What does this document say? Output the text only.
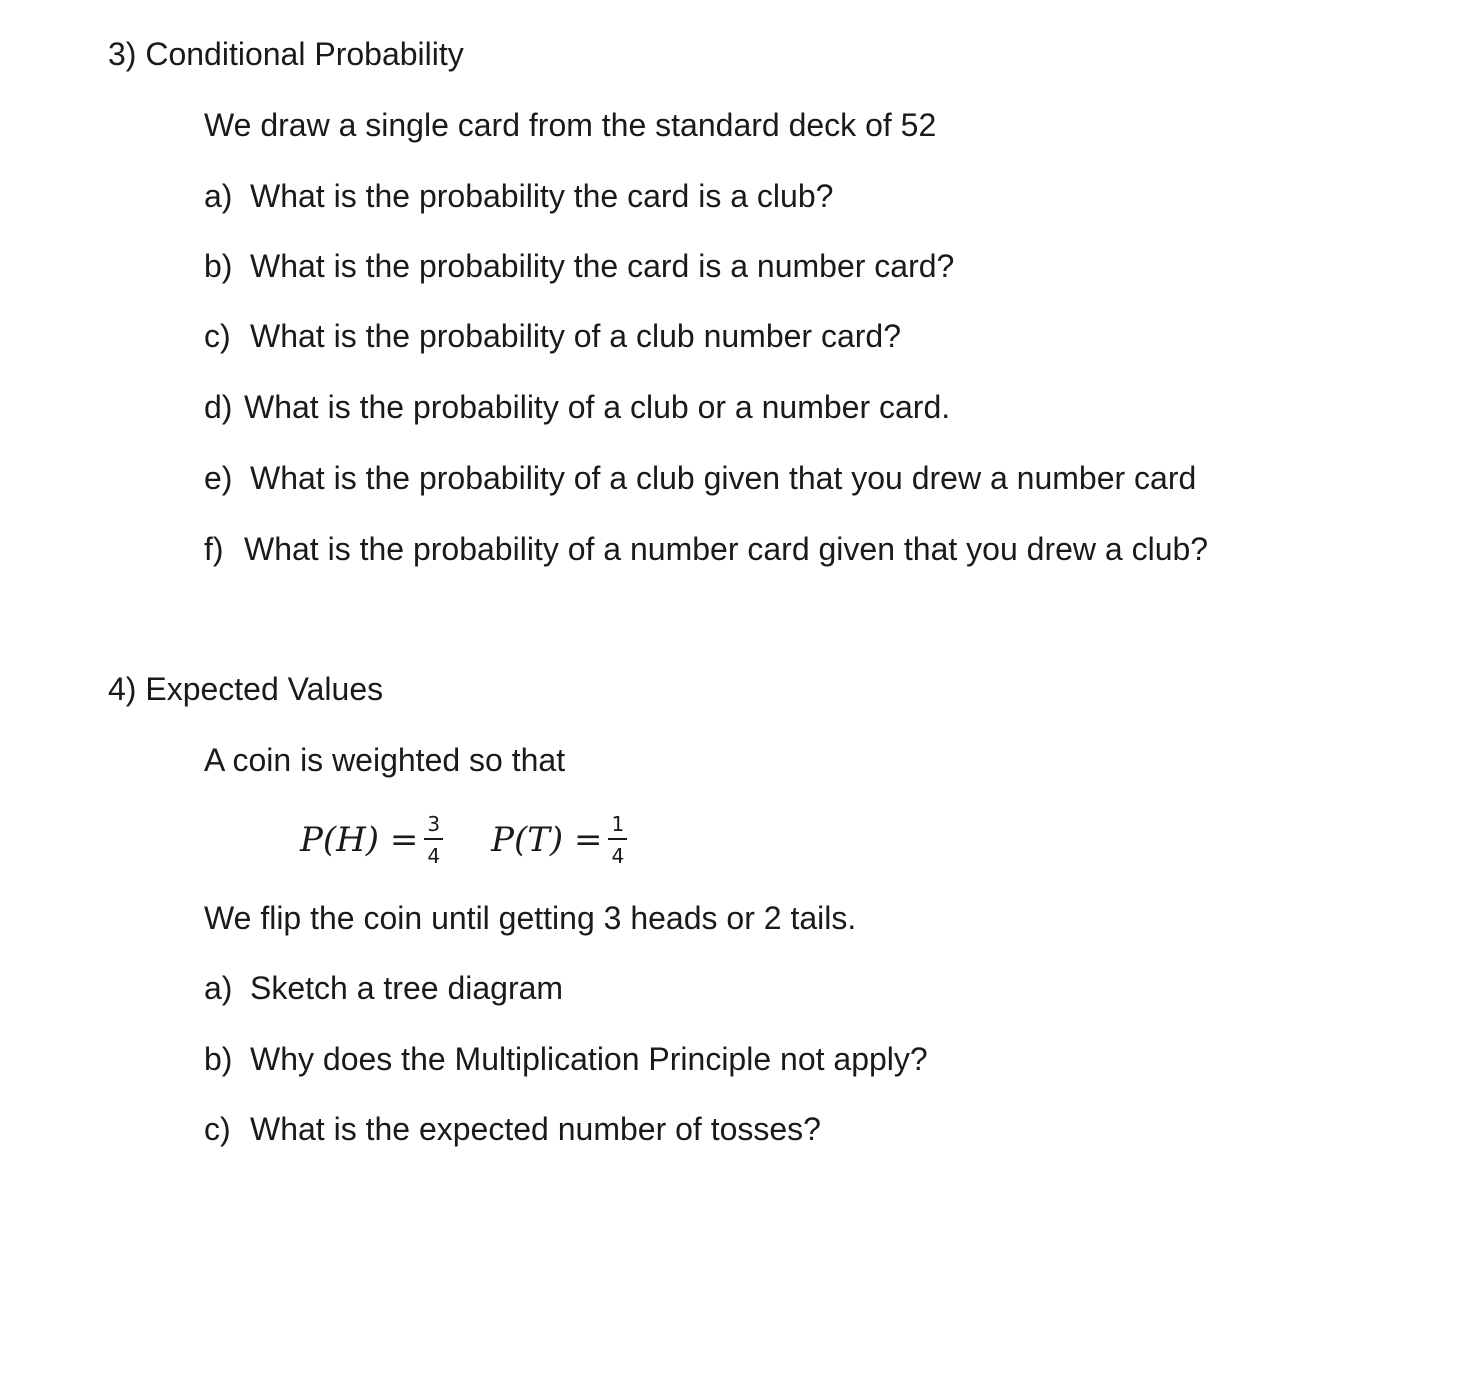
3) Conditional Probability
We draw a single card from the standard deck of 52
a) What is the probability the card is a club?
b) What is the probability the card is a number card?
c) What is the probability of a club number card?
d) What is the probability of a club or a number card.
e) What is the probability of a club given that you drew a number card
f) What is the probability of a number card given that you drew a club?
4) Expected Values
A coin is weighted so that
$P(H) = \frac{3}{4} P(T) = \frac{1}{4}$
We flip the coin until getting 3 heads or 2 tails.
a) Sketch a tree diagram
b) Why does the Multiplication Principle not apply?
c) What is the expected number of tosses?
